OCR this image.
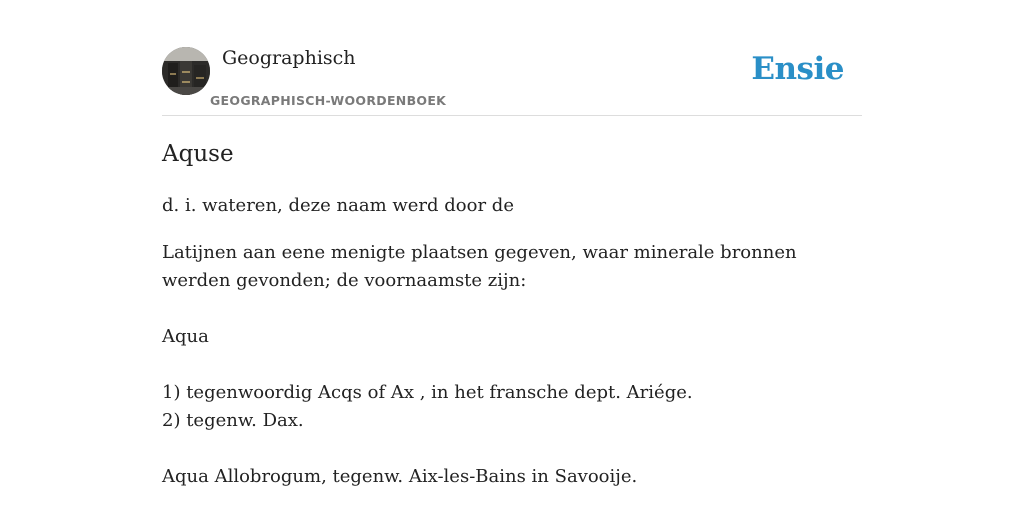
Geographisch
GEOGRAPHISCH-WOORDENBOEK
Ensie
Aquse

d. i. wateren, deze naam werd door de

Latijnen aan eene menigte plaatsen gegeven, waar minerale bronnen werden gevonden; de voornaamste zijn:

Aqua

1) tegenwoordig Acqs of Ax , in het fransche dept. Ariége.

2) tegenw. Dax.

Aqua Allobrogum, tegenw. Aix-les-Bains in Savooije.
